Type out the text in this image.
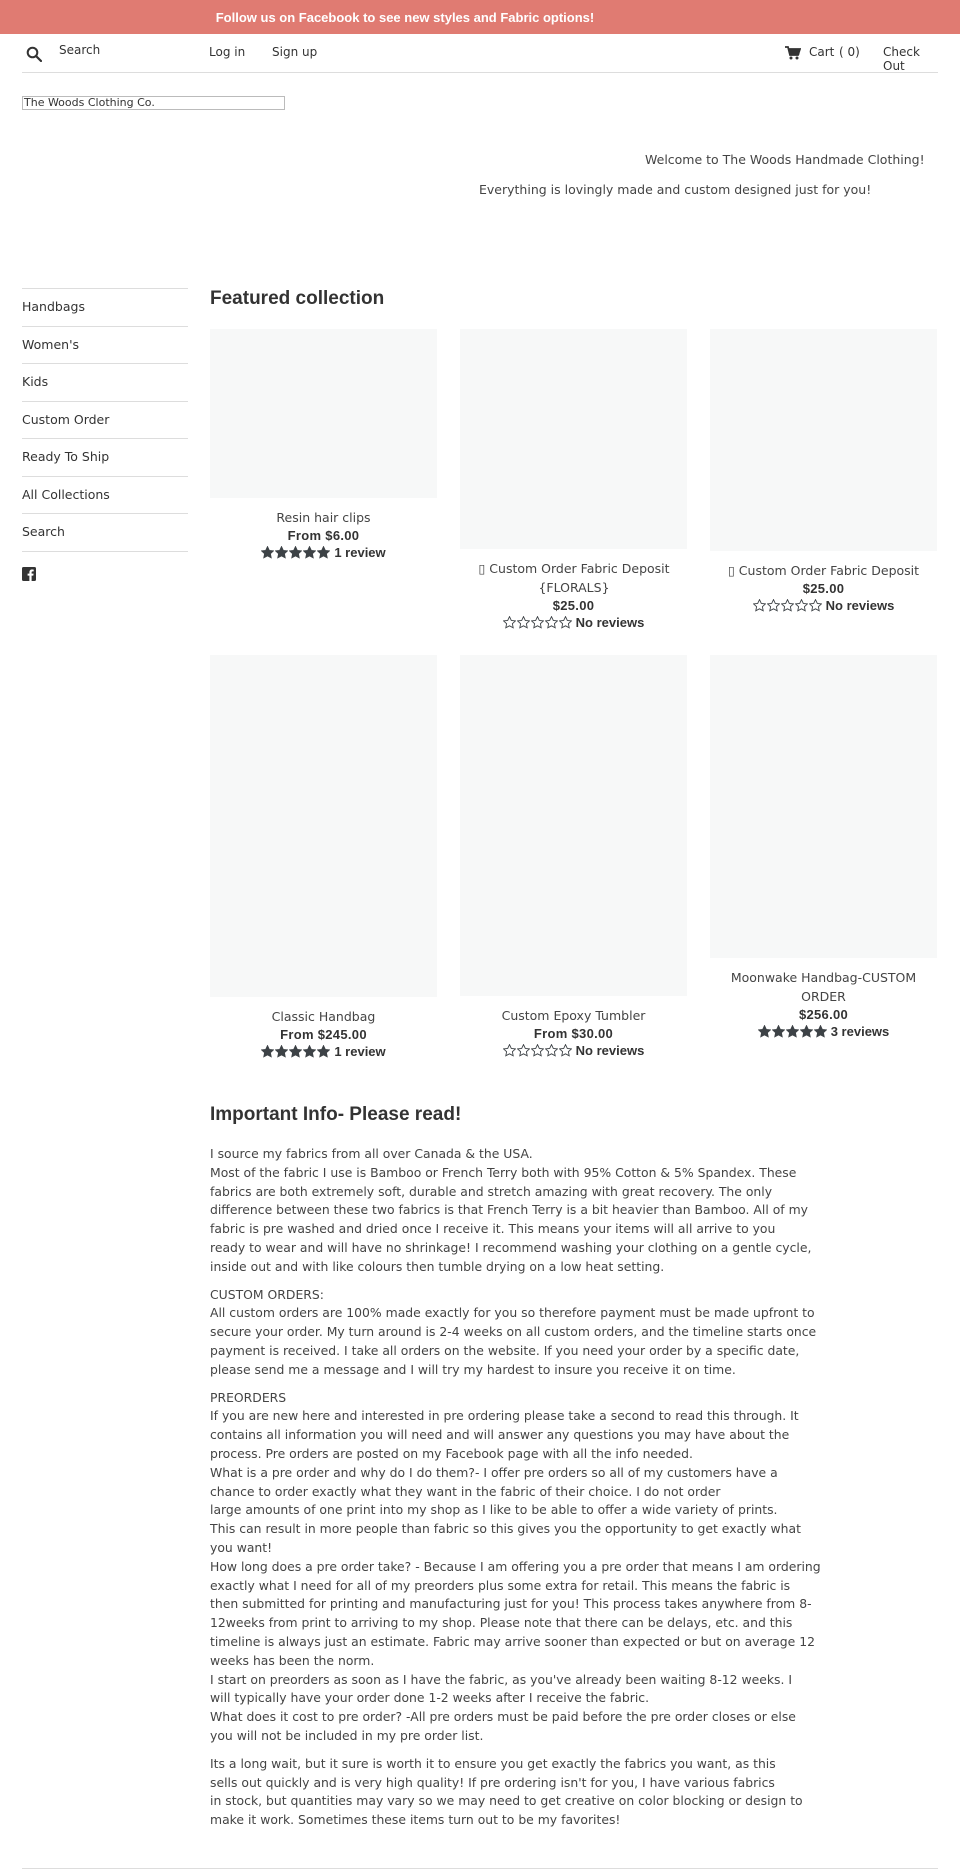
Follow us on Facebook to see new styles and Fabric options!
Search	Log in Sign up	Cart ( 0) Check Out
The Woods Clothing Co.
Welcome to The Woods Handmade Clothing!
Everything is lovingly made and custom designed just for you!
Handbags
Women's
Kids
Custom Order
Ready To Ship
All Collections
Search
Featured collection
Resin hair clips
From $6.00
1 review
▯ Custom Order Fabric Deposit {FLORALS}
$25.00
No reviews
▯ Custom Order Fabric Deposit
$25.00
No reviews
Classic Handbag
From $245.00
1 review
Custom Epoxy Tumbler
From $30.00
No reviews
Moonwake Handbag-CUSTOM ORDER
$256.00
3 reviews
Important Info- Please read!

I source my fabrics from all over Canada & the USA.
Most of the fabric I use is Bamboo or French Terry both with 95% Cotton & 5% Spandex. These
fabrics are both extremely soft, durable and stretch amazing with great recovery. The only
difference between these two fabrics is that French Terry is a bit heavier than Bamboo. All of my
fabric is pre washed and dried once I receive it. This means your items will all arrive to you
ready to wear and will have no shrinkage! I recommend washing your clothing on a gentle cycle,
inside out and with like colours then tumble drying on a low heat setting.

CUSTOM ORDERS:
All custom orders are 100% made exactly for you so therefore payment must be made upfront to
secure your order. My turn around is 2-4 weeks on all custom orders, and the timeline starts once
payment is received. I take all orders on the website. If you need your order by a specific date,
please send me a message and I will try my hardest to insure you receive it on time.

PREORDERS
If you are new here and interested in pre ordering please take a second to read this through. It
contains all information you will need and will answer any questions you may have about the
process. Pre orders are posted on my Facebook page with all the info needed.
What is a pre order and why do I do them?- I offer pre orders so all of my customers have a
chance to order exactly what they want in the fabric of their choice. I do not order
large amounts of one print into my shop as I like to be able to offer a wide variety of prints.
This can result in more people than fabric so this gives you the opportunity to get exactly what
you want!
How long does a pre order take? - Because I am offering you a pre order that means I am ordering
exactly what I need for all of my preorders plus some extra for retail. This means the fabric is
then submitted for printing and manufacturing just for you! This process takes anywhere from 8-
12weeks from print to arriving to my shop. Please note that there can be delays, etc. and this
timeline is always just an estimate. Fabric may arrive sooner than expected or but on average 12
weeks has been the norm.
I start on preorders as soon as I have the fabric, as you've already been waiting 8-12 weeks. I
will typically have your order done 1-2 weeks after I receive the fabric.
What does it cost to pre order? -All pre orders must be paid before the pre order closes or else
you will not be included in my pre order list.

Its a long wait, but it sure is worth it to ensure you get exactly the fabrics you want, as this
sells out quickly and is very high quality! If pre ordering isn't for you, I have various fabrics
in stock, but quantities may vary so we may need to get creative on color blocking or design to
make it work. Sometimes these items turn out to be my favorites!
